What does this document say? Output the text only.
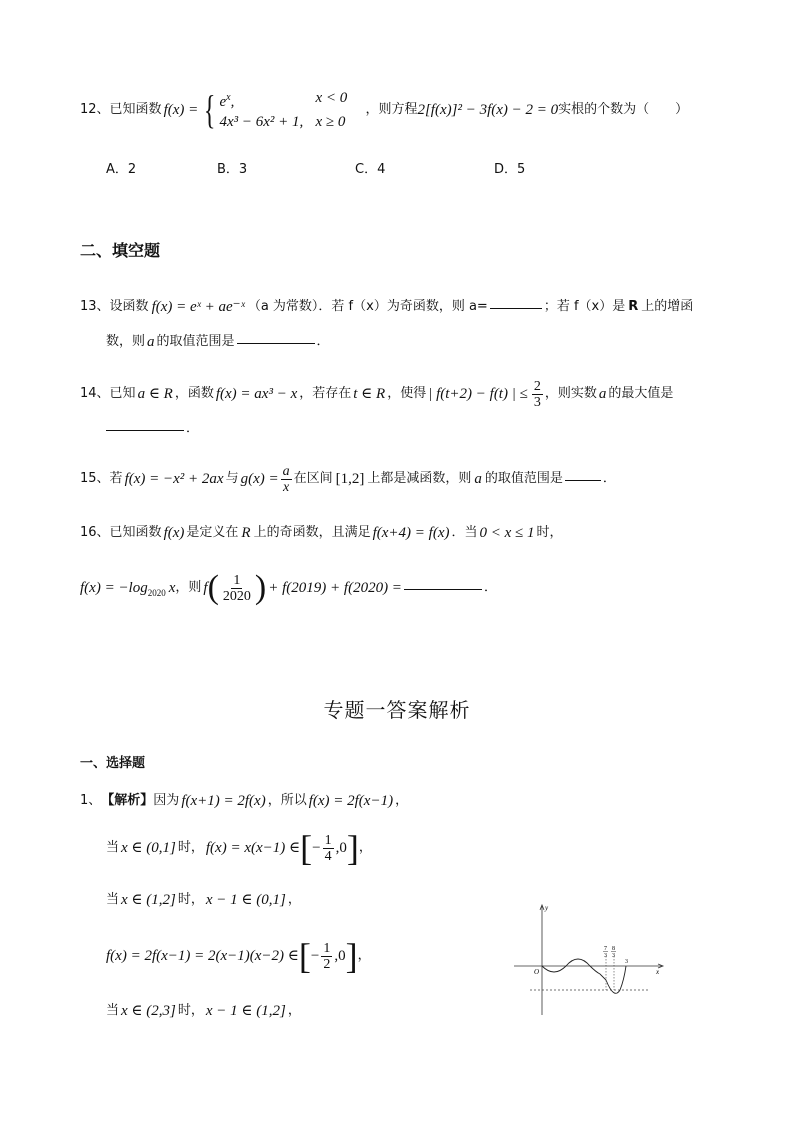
12、 已知函数 f(x) = { $e^x$,	x < 0
4x³ − 6x² + 1, x ≥ 0
，则方程 2[f(x)]² − 3f(x) − 2 = 0 实根的个数为（　　）
A．2	B．3	C．4	D．5
二、填空题
13、 设函数 f(x) = eˣ + ae⁻ˣ （a 为常数）．若 f（x）为奇函数，则 a=	；若 f（x）是 R 上的增函
数，则 a 的取值范围是	．
14、 已知 a ∈ R ，函数 f(x) = ax³ − x ，若存在 t ∈ R ，使得 | f(t+2) − f(t) | ≤ $\frac{2}{3}$ ，则实数 a 的最大值是
．
15、 若 f(x) = −x² + 2ax 与 $g(x) = \frac{a}{x}$ 在区间 [1,2] 上都是减函数，则 a 的取值范围是	．
16、 已知函数 f(x) 是定义在 R 上的奇函数，且满足 f(x+4) = f(x) ．当 0 < x ≤ 1 时，
$f(x) = -\log_{2020}$ x ，则 f ( $\frac{1}{2020}$ ) + f(2019) + f(2020) =	．
专题一答案解析
一、选择题
1、 【解析】 因为 f(x+1) = 2f(x) ，所以 f(x) = 2f(x−1) ，
当 x ∈ (0,1] 时， f(x) = x(x−1) ∈ [ − $\frac{1}{4} ,0$ ] ，
当 x ∈ (1,2] 时， x − 1 ∈ (0,1] ，
f(x) = 2f(x−1) = 2(x−1)(x−2) ∈ [ − $\frac{1}{2} ,0$ ] ，
当 x ∈ (2,3] 时， x − 1 ∈ (1,2] ，
O	x
y
7
3
8
3
3
